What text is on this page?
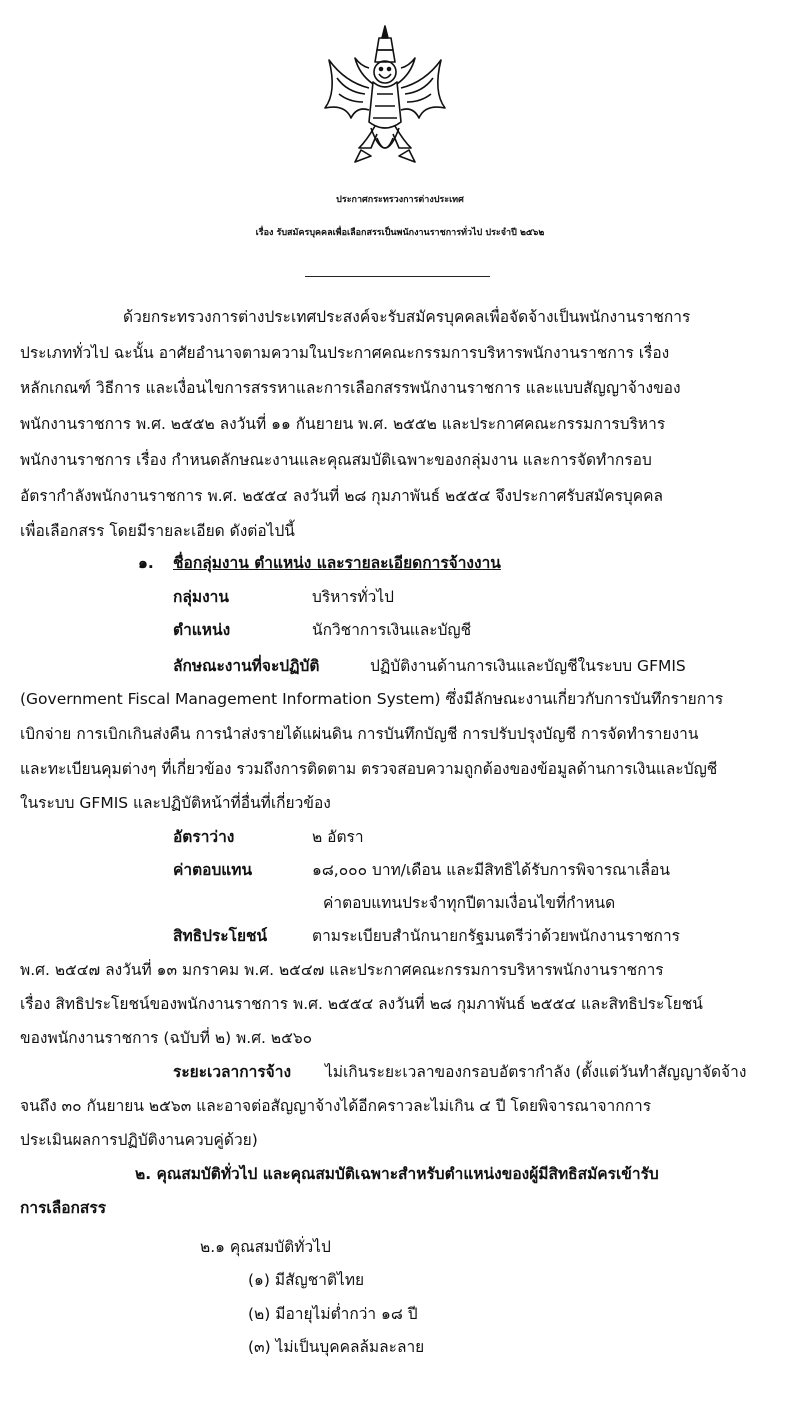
ประกาศกระทรวงการต่างประเทศ
เรื่อง รับสมัครบุคคลเพื่อเลือกสรรเป็นพนักงานราชการทั่วไป ประจำปี ๒๕๖๒
ด้วยกระทรวงการต่างประเทศประสงค์จะรับสมัครบุคคลเพื่อจัดจ้างเป็นพนักงานราชการ
ประเภททั่วไป ฉะนั้น อาศัยอำนาจตามความในประกาศคณะกรรมการบริหารพนักงานราชการ เรื่อง
หลักเกณฑ์ วิธีการ และเงื่อนไขการสรรหาและการเลือกสรรพนักงานราชการ และแบบสัญญาจ้างของ
พนักงานราชการ พ.ศ. ๒๕๕๒ ลงวันที่ ๑๑ กันยายน พ.ศ. ๒๕๕๒ และประกาศคณะกรรมการบริหาร
พนักงานราชการ เรื่อง กำหนดลักษณะงานและคุณสมบัติเฉพาะของกลุ่มงาน และการจัดทำกรอบ
อัตรากำลังพนักงานราชการ พ.ศ. ๒๕๕๔ ลงวันที่ ๒๘ กุมภาพันธ์ ๒๕๕๔ จึงประกาศรับสมัครบุคคล
เพื่อเลือกสรร โดยมีรายละเอียด ดังต่อไปนี้
๑. ชื่อกลุ่มงาน ตำแหน่ง และรายละเอียดการจ้างงาน
กลุ่มงาน	บริหารทั่วไป
ตำแหน่ง	นักวิชาการเงินและบัญชี
ลักษณะงานที่จะปฏิบัติ	ปฏิบัติงานด้านการเงินและบัญชีในระบบ GFMIS
(Government Fiscal Management Information System) ซึ่งมีลักษณะงานเกี่ยวกับการบันทึกรายการ
เบิกจ่าย การเบิกเกินส่งคืน การนำส่งรายได้แผ่นดิน การบันทึกบัญชี การปรับปรุงบัญชี การจัดทำรายงาน
และทะเบียนคุมต่างๆ ที่เกี่ยวข้อง รวมถึงการติดตาม ตรวจสอบความถูกต้องของข้อมูลด้านการเงินและบัญชี
ในระบบ GFMIS และปฏิบัติหน้าที่อื่นที่เกี่ยวข้อง
อัตราว่าง	๒ อัตรา
ค่าตอบแทน	๑๘,๐๐๐ บาท/เดือน และมีสิทธิได้รับการพิจารณาเลื่อน
ค่าตอบแทนประจำทุกปีตามเงื่อนไขที่กำหนด
สิทธิประโยชน์	ตามระเบียบสำนักนายกรัฐมนตรีว่าด้วยพนักงานราชการ
พ.ศ. ๒๕๔๗ ลงวันที่ ๑๓ มกราคม พ.ศ. ๒๕๔๗ และประกาศคณะกรรมการบริหารพนักงานราชการ
เรื่อง สิทธิประโยชน์ของพนักงานราชการ พ.ศ. ๒๕๕๔ ลงวันที่ ๒๘ กุมภาพันธ์ ๒๕๕๔ และสิทธิประโยชน์
ของพนักงานราชการ (ฉบับที่ ๒) พ.ศ. ๒๕๖๐
ระยะเวลาการจ้าง ไม่เกินระยะเวลาของกรอบอัตรากำลัง (ตั้งแต่วันทำสัญญาจัดจ้าง
จนถึง ๓๐ กันยายน ๒๕๖๓ และอาจต่อสัญญาจ้างได้อีกคราวละไม่เกิน ๔ ปี โดยพิจารณาจากการ
ประเมินผลการปฏิบัติงานควบคู่ด้วย)
๒. คุณสมบัติทั่วไป และคุณสมบัติเฉพาะสำหรับตำแหน่งของผู้มีสิทธิสมัครเข้ารับ
การเลือกสรร
๒.๑ คุณสมบัติทั่วไป
(๑) มีสัญชาติไทย
(๒) มีอายุไม่ต่ำกว่า ๑๘ ปี
(๓) ไม่เป็นบุคคลล้มละลาย
